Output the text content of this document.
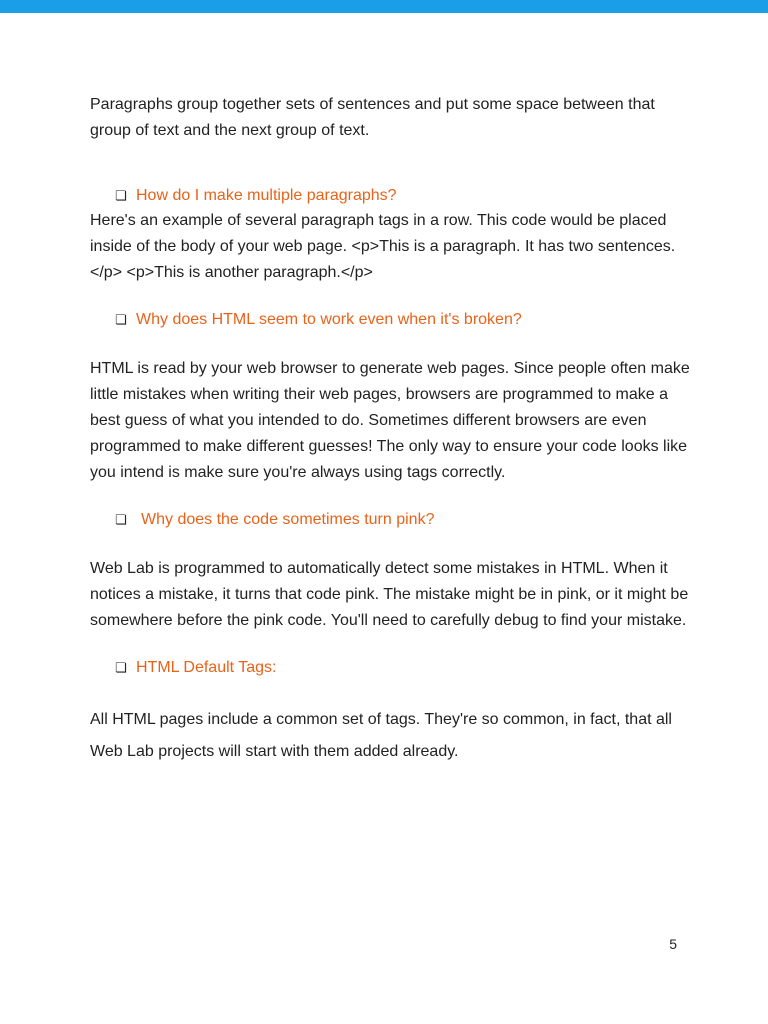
Paragraphs group together sets of sentences and put some space between that group of text and the next group of text.

❏ How do I make multiple paragraphs?

Here's an example of several paragraph tags in a row. This code would be placed inside of the body of your web page. <p>This is a paragraph. It has two sentences.</p> <p>This is another paragraph.</p>

❏ Why does HTML seem to work even when it's broken?

HTML is read by your web browser to generate web pages. Since people often make little mistakes when writing their web pages, browsers are programmed to make a best guess of what you intended to do. Sometimes different browsers are even programmed to make different guesses! The only way to ensure your code looks like you intend is make sure you're always using tags correctly.

❏ Why does the code sometimes turn pink?

Web Lab is programmed to automatically detect some mistakes in HTML. When it notices a mistake, it turns that code pink. The mistake might be in pink, or it might be somewhere before the pink code. You'll need to carefully debug to find your mistake.

❏ HTML Default Tags:

All HTML pages include a common set of tags. They're so common, in fact, that all Web Lab projects will start with them added already.

5
